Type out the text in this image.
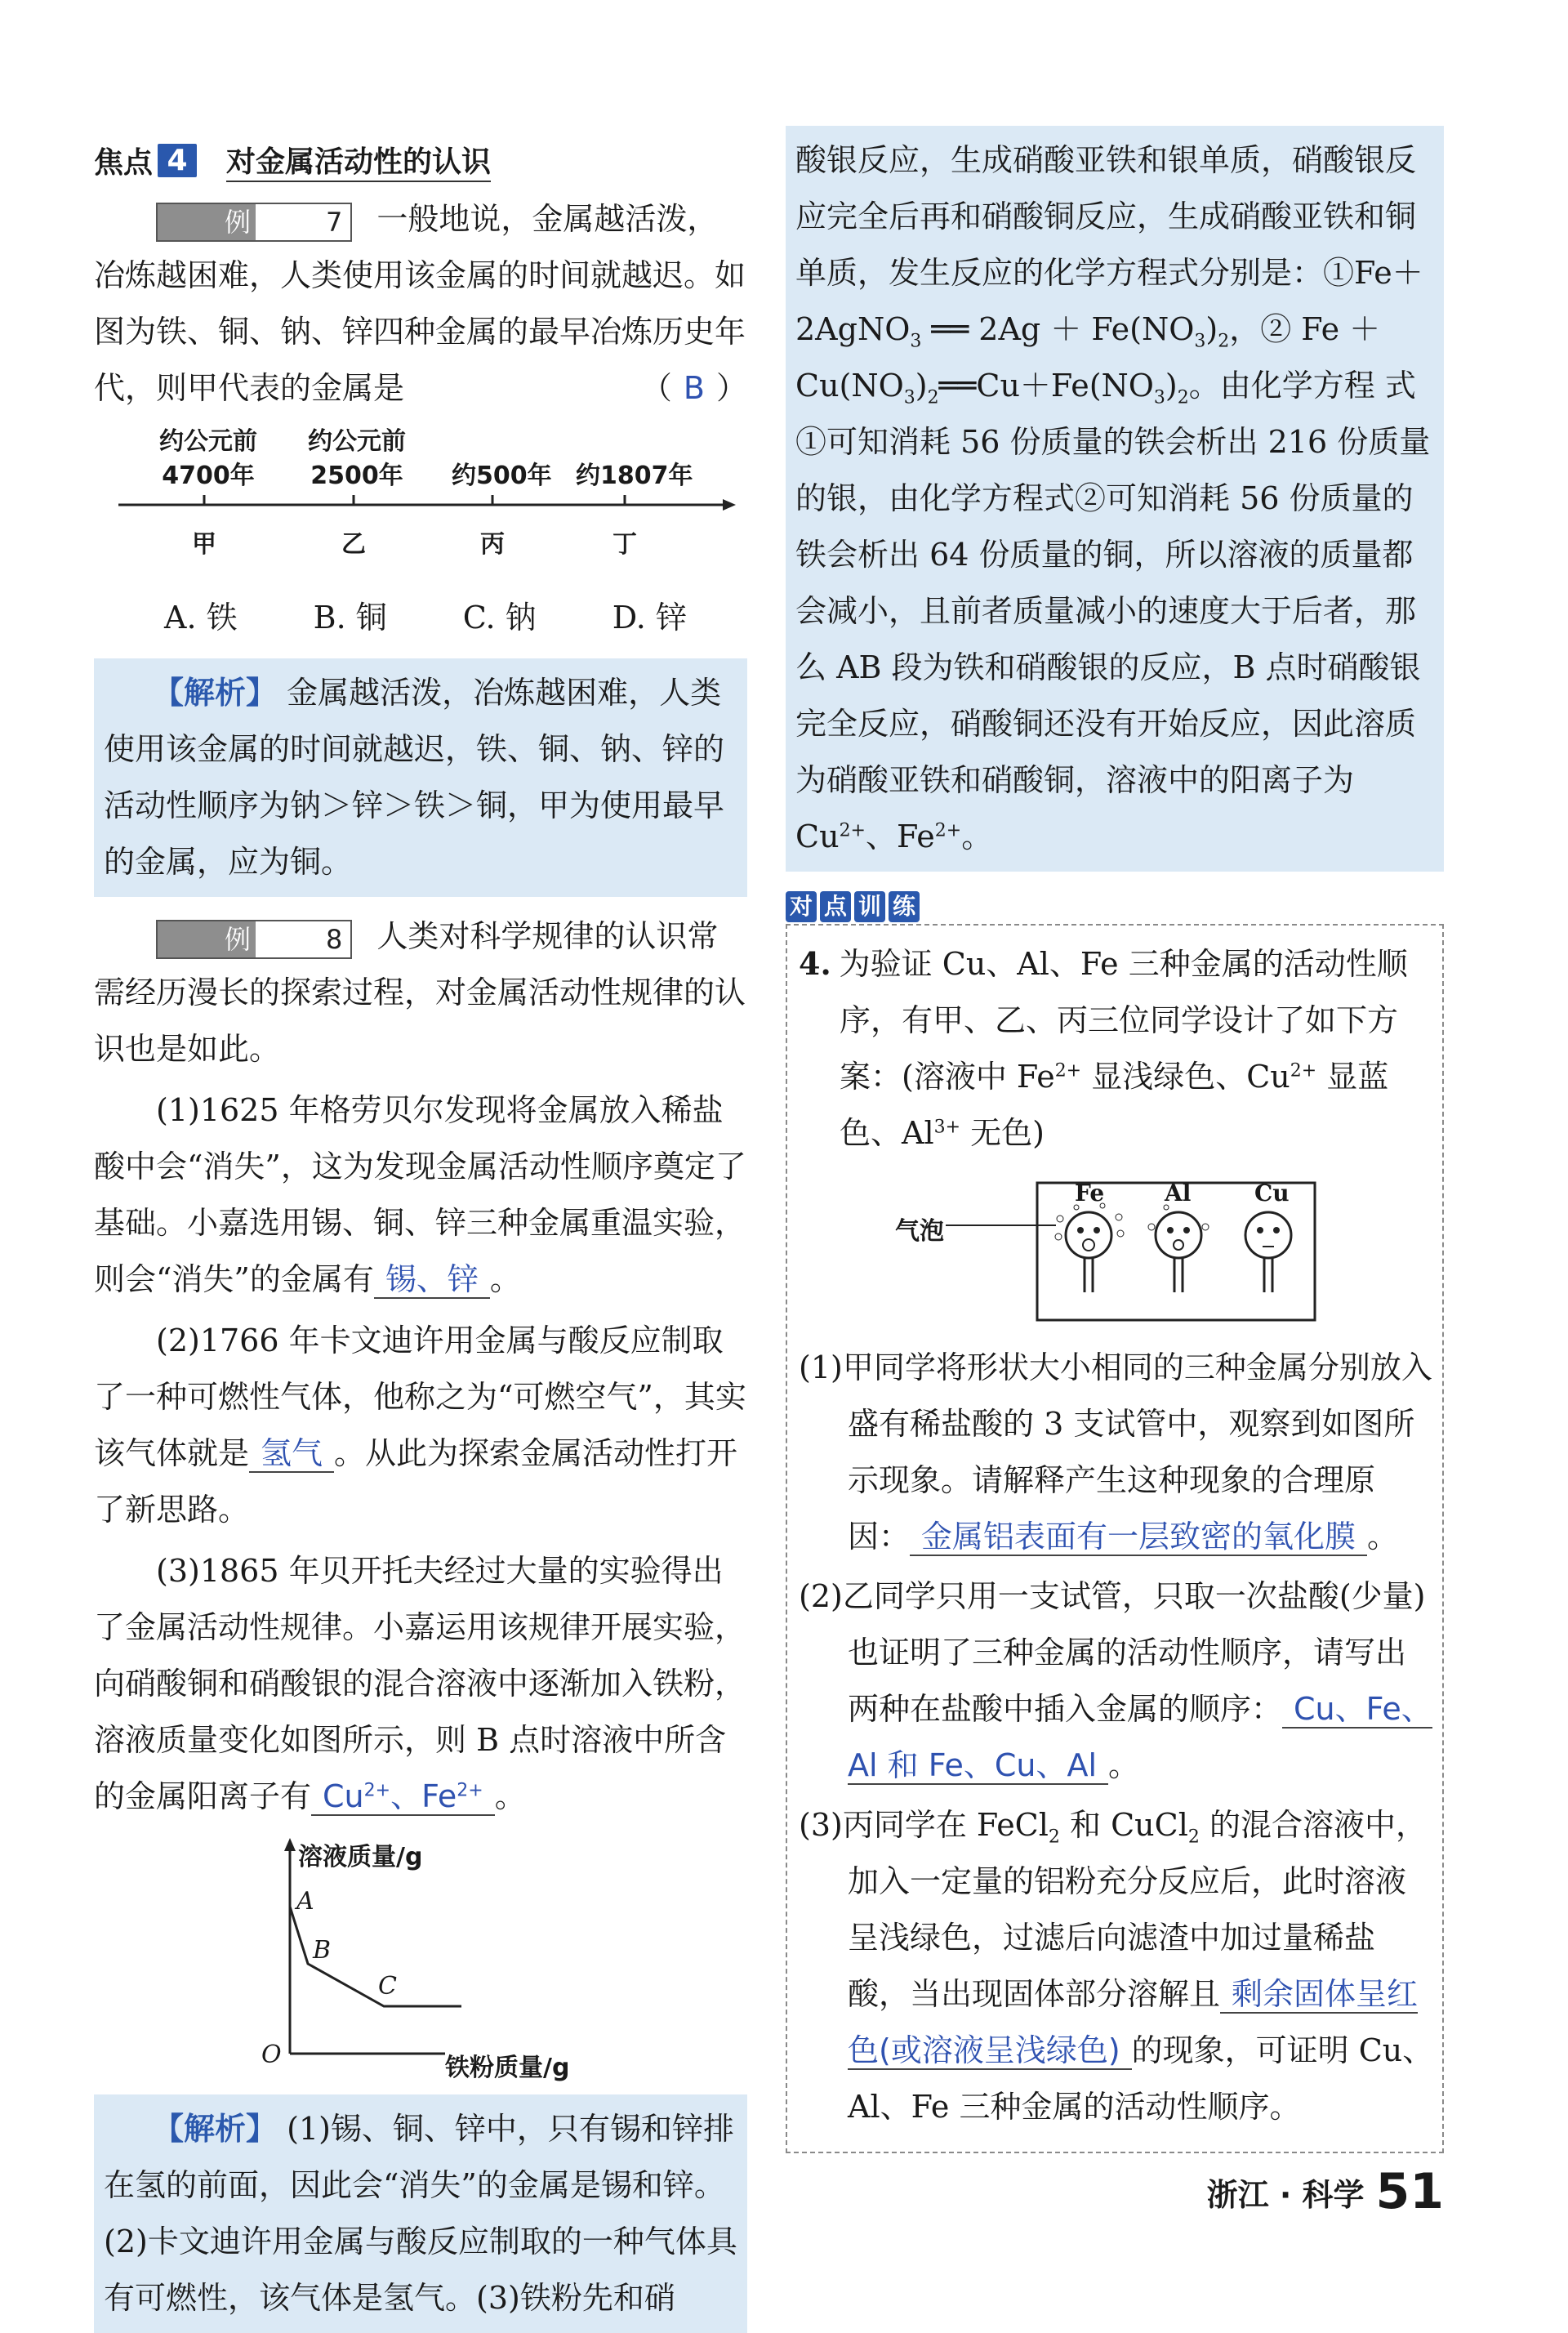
焦点 4	对金属活动性的认识

例	7 一般地说，金属越活泼，冶炼越困难，人类使用该金属的时间就越迟。如图为铁、铜、钠、锌四种金属的最早冶炼历史年代，则甲代表的金属是	（ B ）

约公元前
4700年
约公元前
2500年 约500年 约1807年
甲	乙	丙	丁
A. 铁 B. 铜 C. 钠 D. 锌

【解析】 金属越活泼，冶炼越困难，人类使用该金属的时间就越迟，铁、铜、钠、锌的活动性顺序为钠＞锌＞铁＞铜，甲为使用最早的金属，应为铜。

例	8 人类对科学规律的认识常需经历漫长的探索过程，对金属活动性规律的认识也是如此。

(1)1625 年格劳贝尔发现将金属放入稀盐酸中会“消失”，这为发现金属活动性顺序奠定了基础。小嘉选用锡、铜、锌三种金属重温实验，则会“消失”的金属有 锡、锌 。

(2)1766 年卡文迪许用金属与酸反应制取了一种可燃性气体，他称之为“可燃空气”，其实该气体就是 氢气 。从此为探索金属活动性打开了新思路。

(3)1865 年贝开托夫经过大量的实验得出了金属活动性规律。小嘉运用该规律开展实验，向硝酸铜和硝酸银的混合溶液中逐渐加入铁粉，溶液质量变化如图所示，则 B 点时溶液中所含的金属阳离子有 $Cu^{2+}$、$Fe^{2+}$ 。

溶液质量/g
O
A
B
C
铁粉质量/g

【解析】 (1)锡、铜、锌中，只有锡和锌排在氢的前面，因此会“消失”的金属是锡和锌。(2)卡文迪许用金属与酸反应制取的一种气体具有可燃性，该气体是氢气。(3)铁粉先和硝

酸银反应，生成硝酸亚铁和银单质，硝酸银反应完全后再和硝酸铜反应，生成硝酸亚铁和铜单质，发生反应的化学方程式分别是：①Fe＋
2AgNO$_3$ ══ $2Ag + Fe(NO_3)_2$，② Fe ＋
$Cu(NO_3)_2══Cu+Fe(NO_3)_2$。由化学方程 式①可知消耗 56 份质量的铁会析出 216 份质量的银，由化学方程式②可知消耗 56 份质量的铁会析出 64 份质量的铜，所以溶液的质量都会减小，且前者质量减小的速度大于后者，那么 AB 段为铁和硝酸银的反应，B 点时硝酸银完全反应，硝酸铜还没有开始反应，因此溶质为硝酸亚铁和硝酸铜，溶液中的阳离子为 $Cu^{2+}$、$Fe^{2+}$。

对 点 训 练

4. 为验证 Cu、Al、Fe 三种金属的活动性顺序，有甲、乙、丙三位同学设计了如下方案：(溶液中 $Fe^{2+}$ 显浅绿色、$Cu^{2+}$ 显蓝色、$Al^{3+}$ 无色)

气泡
Fe	Al	Cu

(1)甲同学将形状大小相同的三种金属分别放入盛有稀盐酸的 3 支试管中，观察到如图所示现象。请解释产生这种现象的合理原因： 金属铝表面有一层致密的氧化膜 。

(2)乙同学只用一支试管，只取一次盐酸(少量)也证明了三种金属的活动性顺序，请写出两种在盐酸中插入金属的顺序： Cu、Fe、Al 和 Fe、Cu、Al 。

(3)丙同学在 FeCl$_2$ 和 CuCl$_2$ 的混合溶液中，加入一定量的铝粉充分反应后，此时溶液呈浅绿色，过滤后向滤渣中加过量稀盐酸，当出现固体部分溶解且 剩余固体呈红色(或溶液呈浅绿色) 的现象，可证明 Cu、Al、Fe 三种金属的活动性顺序。

浙江 · 科学 51
